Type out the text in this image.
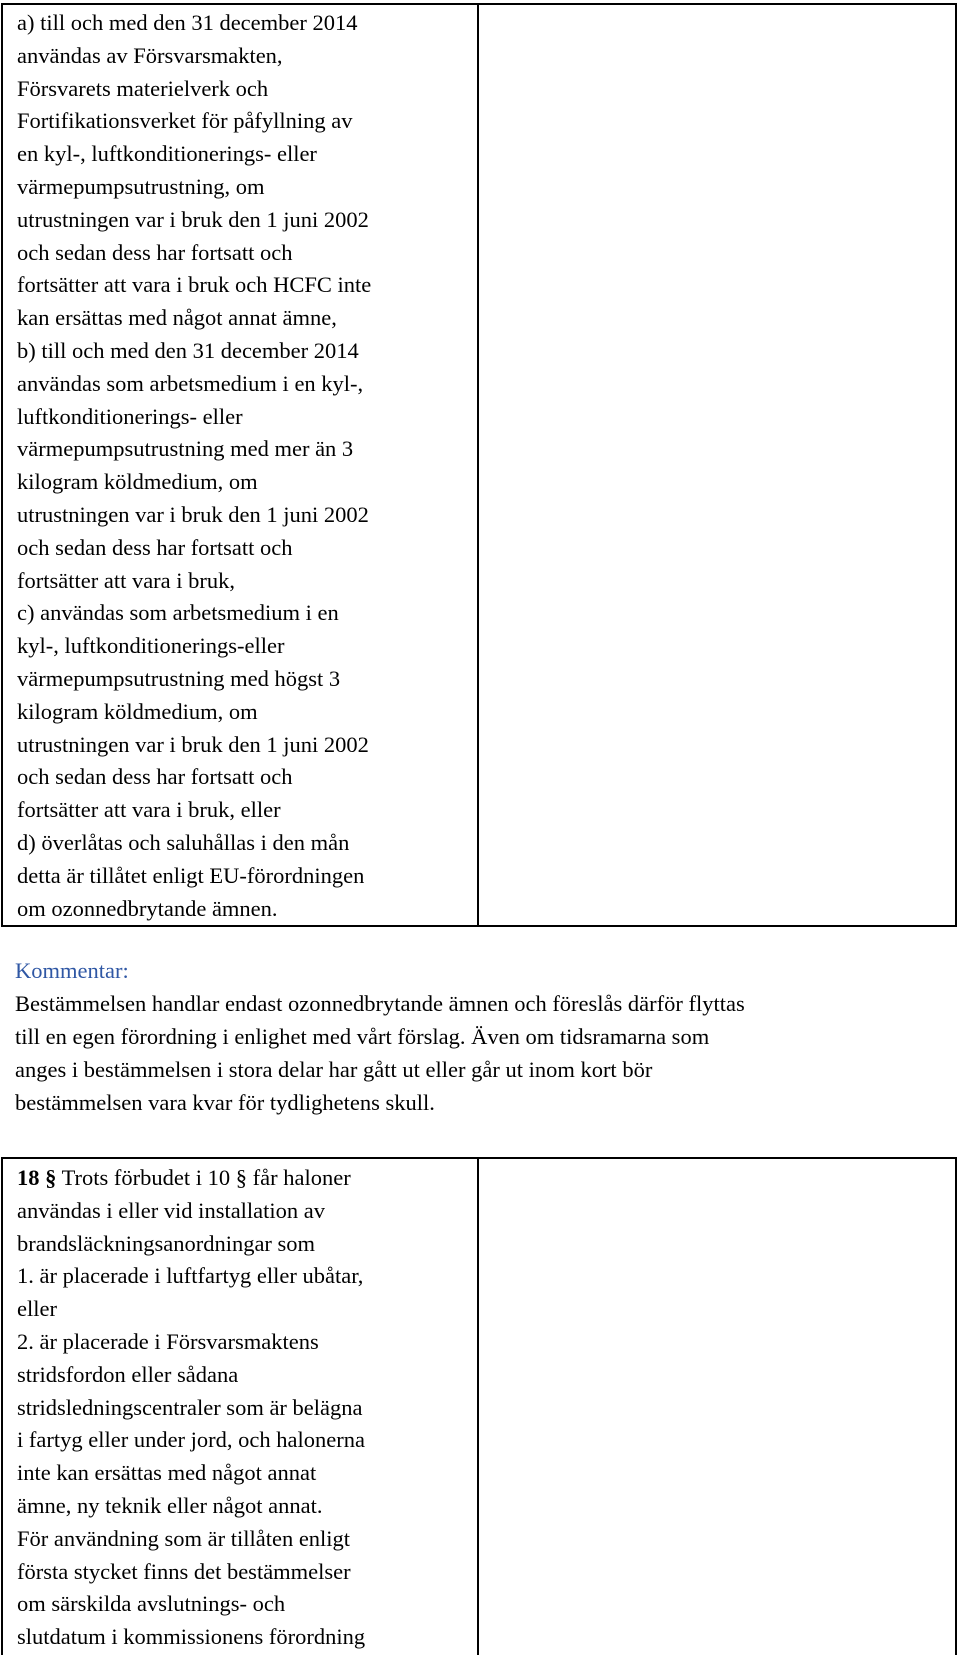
a) till och med den 31 december 2014
användas av Försvarsmakten,
Försvarets materielverk och
Fortifikationsverket för påfyllning av
en kyl-, luftkonditionerings- eller
värmepumpsutrustning, om
utrustningen var i bruk den 1 juni 2002
och sedan dess har fortsatt och
fortsätter att vara i bruk och HCFC inte
kan ersättas med något annat ämne,
b) till och med den 31 december 2014
användas som arbetsmedium i en kyl-,
luftkonditionerings- eller
värmepumpsutrustning med mer än 3
kilogram köldmedium, om
utrustningen var i bruk den 1 juni 2002
och sedan dess har fortsatt och
fortsätter att vara i bruk,
c) användas som arbetsmedium i en
kyl-, luftkonditionerings-eller
värmepumpsutrustning med högst 3
kilogram köldmedium, om
utrustningen var i bruk den 1 juni 2002
och sedan dess har fortsatt och
fortsätter att vara i bruk, eller
d) överlåtas och saluhållas i den mån
detta är tillåtet enligt EU-förordningen
om ozonnedbrytande ämnen.
Kommentar:
Bestämmelsen handlar endast ozonnedbrytande ämnen och föreslås därför flyttas
till en egen förordning i enlighet med vårt förslag. Även om tidsramarna som
anges i bestämmelsen i stora delar har gått ut eller går ut inom kort bör
bestämmelsen vara kvar för tydlighetens skull.
18 § Trots förbudet i 10 § får haloner
användas i eller vid installation av
brandsläckningsanordningar som
1. är placerade i luftfartyg eller ubåtar,
eller
2. är placerade i Försvarsmaktens
stridsfordon eller sådana
stridsledningscentraler som är belägna
i fartyg eller under jord, och halonerna
inte kan ersättas med något annat
ämne, ny teknik eller något annat.
För användning som är tillåten enligt
första stycket finns det bestämmelser
om särskilda avslutnings- och
slutdatum i kommissionens förordning
